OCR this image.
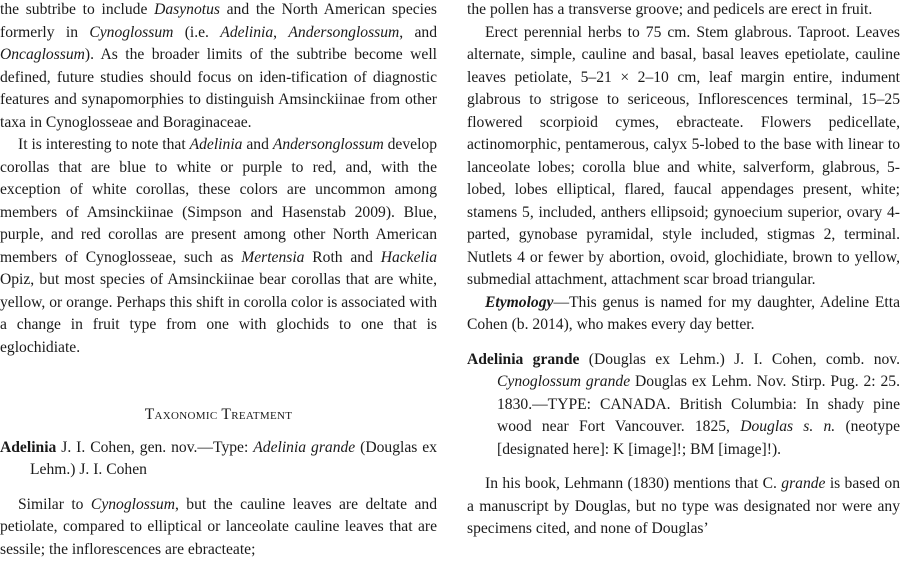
the subtribe to include Dasynotus and the North American species formerly in Cynoglossum (i.e. Adelinia, Andersonglossum, and Oncaglossum). As the broader limits of the subtribe become well defined, future studies should focus on iden-tification of diagnostic features and synapomorphies to distinguish Amsinckiinae from other taxa in Cynoglosseae and Boraginaceae.

It is interesting to note that Adelinia and Andersonglossum develop corollas that are blue to white or purple to red, and, with the exception of white corollas, these colors are uncommon among members of Amsinckiinae (Simpson and Hasenstab 2009). Blue, purple, and red corollas are present among other North American members of Cynoglosseae, such as Mertensia Roth and Hackelia Opiz, but most species of Amsinckiinae bear corollas that are white, yellow, or orange. Perhaps this shift in corolla color is associated with a change in fruit type from one with glochids to one that is eglochidiate.

Taxonomic Treatment

Adelinia J. I. Cohen, gen. nov.—Type: Adelinia grande (Douglas ex Lehm.) J. I. Cohen

Similar to Cynoglossum, but the cauline leaves are deltate and petiolate, compared to elliptical or lanceolate cauline leaves that are sessile; the inflorescences are ebracteate;

the pollen has a transverse groove; and pedicels are erect in fruit.

Erect perennial herbs to 75 cm. Stem glabrous. Taproot. Leaves alternate, simple, cauline and basal, basal leaves epetiolate, cauline leaves petiolate, 5–21 × 2–10 cm, leaf margin entire, indument glabrous to strigose to sericeous, Inflorescences terminal, 15–25 flowered scorpioid cymes, ebracteate. Flowers pedicellate, actinomorphic, pentamerous, calyx 5-lobed to the base with linear to lanceolate lobes; corolla blue and white, salverform, glabrous, 5-lobed, lobes elliptical, flared, faucal appendages present, white; stamens 5, included, anthers ellipsoid; gynoecium superior, ovary 4-parted, gynobase pyramidal, style included, stigmas 2, terminal. Nutlets 4 or fewer by abortion, ovoid, glochidiate, brown to yellow, submedial attachment, attachment scar broad triangular.

Etymology—This genus is named for my daughter, Adeline Etta Cohen (b. 2014), who makes every day better.

Adelinia grande (Douglas ex Lehm.) J. I. Cohen, comb. nov. Cynoglossum grande Douglas ex Lehm. Nov. Stirp. Pug. 2: 25. 1830.—TYPE: CANADA. British Columbia: In shady pine wood near Fort Vancouver. 1825, Douglas s. n. (neotype [designated here]: K [image]!; BM [image]!).

In his book, Lehmann (1830) mentions that C. grande is based on a manuscript by Douglas, but no type was designated nor were any specimens cited, and none of Douglas’
